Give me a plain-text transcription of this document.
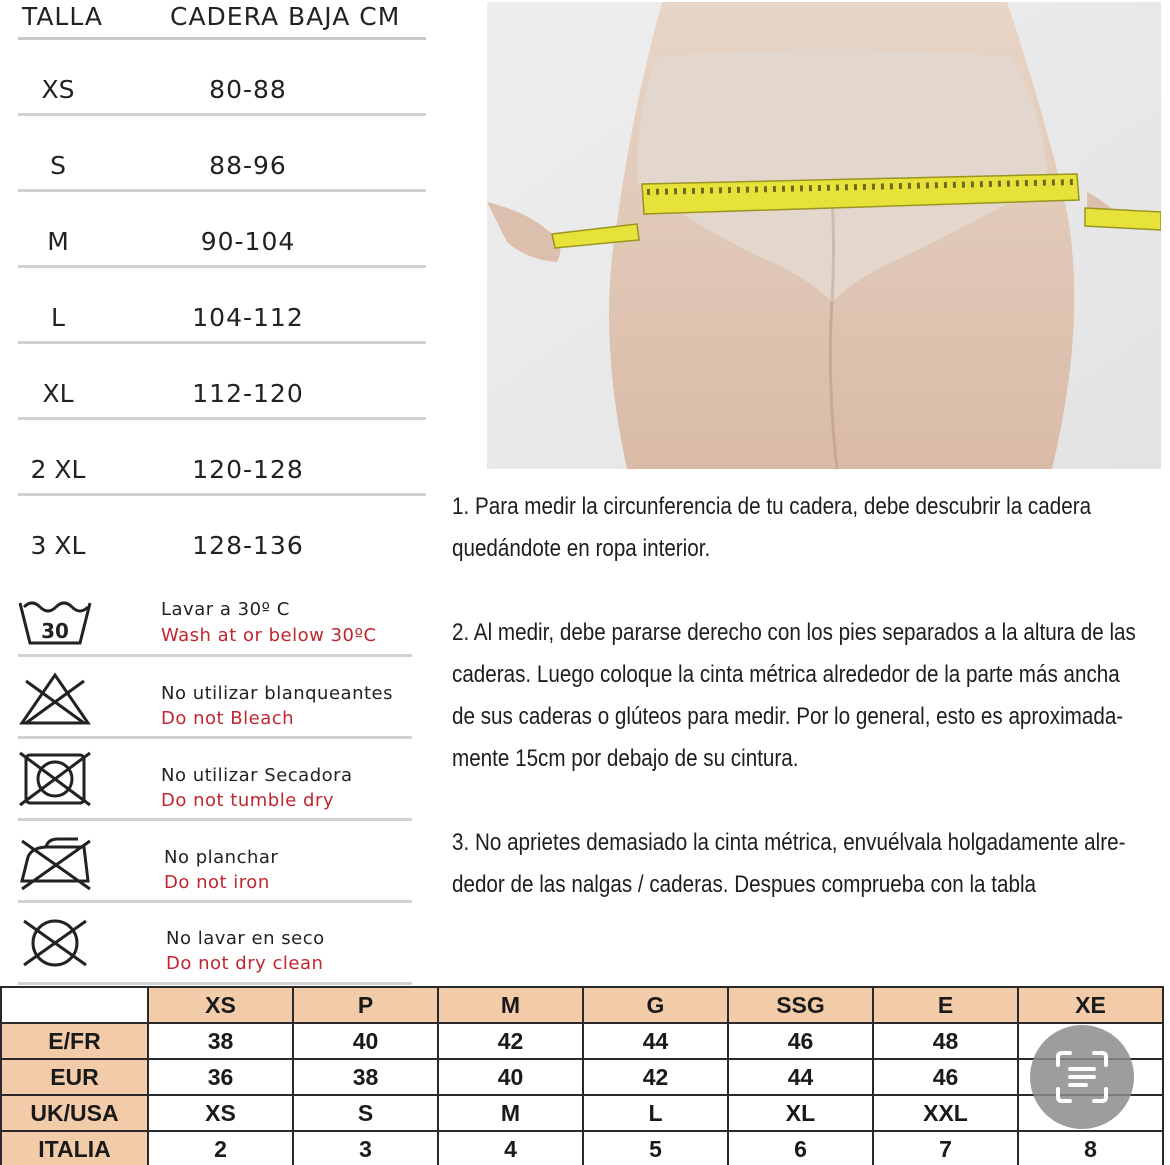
TALLA	CADERA BAJA CM
XS	80-88
S	88-96
M	90-104
L	104-112
XL	112-120
2 XL	120-128
3 XL	128-136
30
Lavar a 30º C
Wash at or below 30ºC
No utilizar blanqueantes
Do not Bleach
No utilizar Secadora
Do not tumble dry
No planchar
Do not iron
No lavar en seco
Do not dry clean
1. Para medir la circunferencia de tu cadera, debe descubrir la cadera
quedándote en ropa interior.
2. Al medir, debe pararse derecho con los pies separados a la altura de las
caderas. Luego coloque la cinta métrica alrededor de la parte más ancha
de sus caderas o glúteos para medir. Por lo general, esto es aproximada-
mente 15cm por debajo de su cintura.
3. No aprietes demasiado la cinta métrica, envuélvala holgadamente alre-
dedor de las nalgas / caderas. Despues comprueba con la tabla
	XS	P	M	G	SSG	E	XE
E/FR	38	40	42	44	46	48	
EUR	36	38	40	42	44	46	
UK/USA	XS	S	M	L	XL	XXL	
ITALIA	2	3	4	5	6	7	8
